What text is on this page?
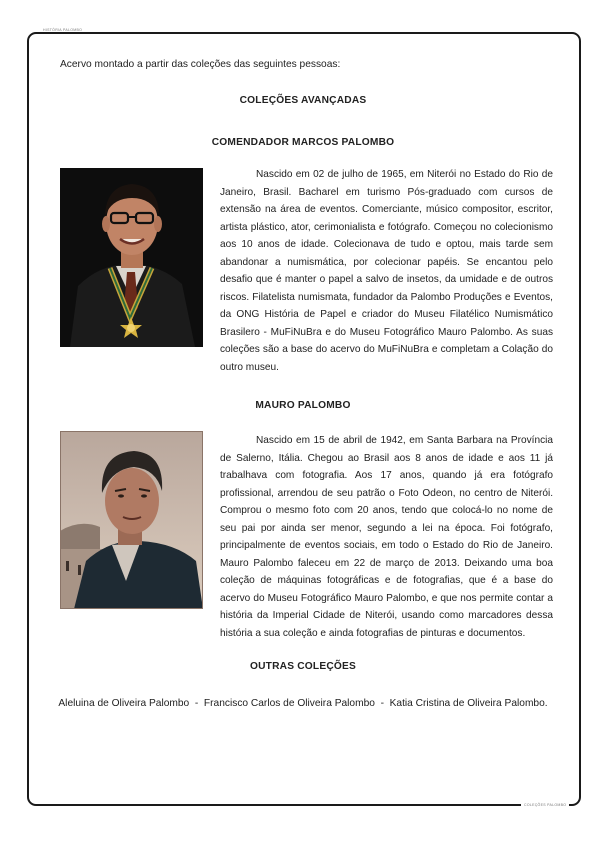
HISTÓRIA PALOMBO
COLEÇÕES PALOMBO
Acervo montado a partir das coleções das seguintes pessoas:
COLEÇÕES AVANÇADAS
COMENDADOR MARCOS PALOMBO

Nascido em 02 de julho de 1965, em Niterói no Estado do Rio de Janeiro, Brasil. Bacharel em turismo Pós-graduado com cursos de extensão na área de eventos. Comerciante, músico compositor, escritor, artista plástico, ator, cerimonialista e fotógrafo. Começou no colecionismo aos 10 anos de idade. Colecionava de tudo e optou, mais tarde sem abandonar a numismática, por colecionar papéis. Se encantou pelo desafio que é manter o papel a salvo de insetos, da umidade e de outros riscos. Filatelista numismata, fundador da Palombo Produções e Eventos, da ONG História de Papel e criador do Museu Filatélico Numismático Brasilero - MuFiNuBra e do Museu Fotográfico Mauro Palombo. As suas coleções são a base do acervo do MuFiNuBra e completam a Colação do outro museu.

MAURO PALOMBO

Nascido em 15 de abril de 1942, em Santa Barbara na Província de Salerno, Itália. Chegou ao Brasil aos 8 anos de idade e aos 11 já trabalhava com fotografia. Aos 17 anos, quando já era fotógrafo profissional, arrendou de seu patrão o Foto Odeon, no centro de Niterói. Comprou o mesmo foto com 20 anos, tendo que colocá-lo no nome de seu pai por ainda ser menor, segundo a lei na época. Foi fotógrafo, principalmente de eventos sociais, em todo o Estado do Rio de Janeiro. Mauro Palombo faleceu em 22 de março de 2013. Deixando uma boa coleção de máquinas fotográficas e de fotografias, que é a base do acervo do Museu Fotográfico Mauro Palombo, e que nos permite contar a história da Imperial Cidade de Niterói, usando como marcadores dessa história a sua coleção e ainda fotografias de pinturas e documentos.

OUTRAS COLEÇÕES
Aleluina de Oliveira Palombo  -  Francisco Carlos de Oliveira Palombo  -  Katia Cristina de Oliveira Palombo.
